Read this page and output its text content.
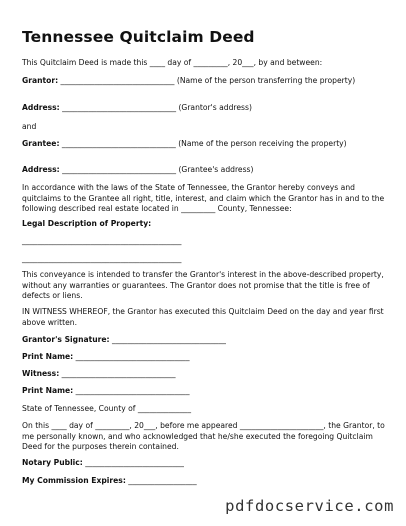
Tennessee Quitclaim Deed
This Quitclaim Deed is made this ____ day of _________, 20___, by and between:
Grantor: ______________________________ (Name of the person transferring the property)
Address: ______________________________ (Grantor's address)
and
Grantee: ______________________________ (Name of the person receiving the property)
Address: ______________________________ (Grantee's address)
In accordance with the laws of the State of Tennessee, the Grantor hereby conveys and quitclaims to the Grantee all right, title, interest, and claim which the Grantor has in and to the following described real estate located in _________ County, Tennessee:
Legal Description of Property:
__________________________________________
__________________________________________
This conveyance is intended to transfer the Grantor's interest in the above-described property, without any warranties or guarantees. The Grantor does not promise that the title is free of defects or liens.
IN WITNESS WHEREOF, the Grantor has executed this Quitclaim Deed on the day and year first above written.
Grantor's Signature: ______________________________
Print Name: ______________________________
Witness: ______________________________
Print Name: ______________________________
State of Tennessee, County of ______________
On this ____ day of _________, 20___, before me appeared ______________________, the Grantor, to me personally known, and who acknowledged that he/she executed the foregoing Quitclaim Deed for the purposes therein contained.
Notary Public: __________________________
My Commission Expires: __________________
pdfdocservice.com
